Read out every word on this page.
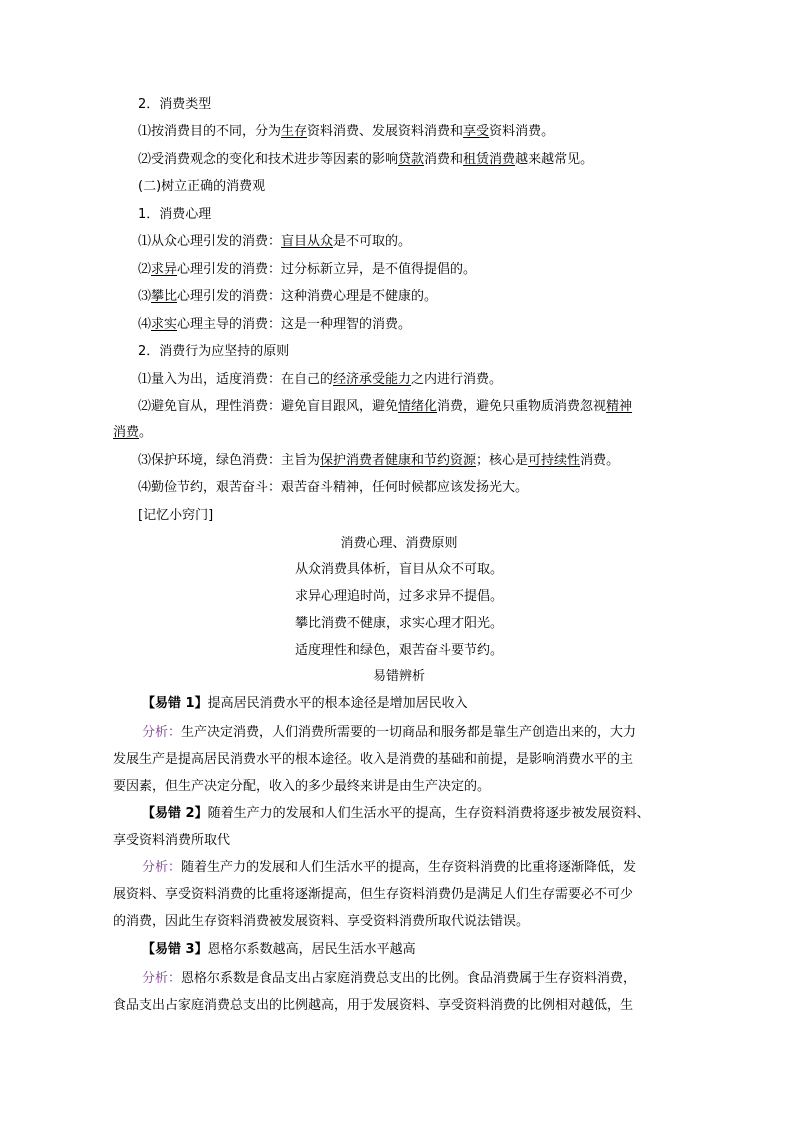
2．消费类型
⑴按消费目的不同，分为生存资料消费、发展资料消费和享受资料消费。
⑵受消费观念的变化和技术进步等因素的影响贷款消费和租赁消费越来越常见。
(二)树立正确的消费观
1．消费心理
⑴从众心理引发的消费：盲目从众是不可取的。
⑵求异心理引发的消费：过分标新立异，是不值得提倡的。
⑶攀比心理引发的消费：这种消费心理是不健康的。
⑷求实心理主导的消费：这是一种理智的消费。
2．消费行为应坚持的原则
⑴量入为出，适度消费：在自己的经济承受能力之内进行消费。
⑵避免盲从，理性消费：避免盲目跟风，避免情绪化消费，避免只重物质消费忽视精神
消费。
⑶保护环境，绿色消费：主旨为保护消费者健康和节约资源；核心是可持续性消费。
⑷勤俭节约，艰苦奋斗：艰苦奋斗精神，任何时候都应该发扬光大。
[记忆小窍门]
消费心理、消费原则
从众消费具体析，盲目从众不可取。
求异心理追时尚，过多求异不提倡。
攀比消费不健康，求实心理才阳光。
适度理性和绿色，艰苦奋斗要节约。
易错辨析
【易错 1】提高居民消费水平的根本途径是增加居民收入
分析：生产决定消费，人们消费所需要的一切商品和服务都是靠生产创造出来的，大力
发展生产是提高居民消费水平的根本途径。收入是消费的基础和前提，是影响消费水平的主
要因素，但生产决定分配，收入的多少最终来讲是由生产决定的。
【易错 2】随着生产力的发展和人们生活水平的提高，生存资料消费将逐步被发展资料、
享受资料消费所取代
分析：随着生产力的发展和人们生活水平的提高，生存资料消费的比重将逐渐降低，发
展资料、享受资料消费的比重将逐渐提高，但生存资料消费仍是满足人们生存需要必不可少
的消费，因此生存资料消费被发展资料、享受资料消费所取代说法错误。
【易错 3】恩格尔系数越高，居民生活水平越高
分析：恩格尔系数是食品支出占家庭消费总支出的比例。食品消费属于生存资料消费，
食品支出占家庭消费总支出的比例越高，用于发展资料、享受资料消费的比例相对越低，生
